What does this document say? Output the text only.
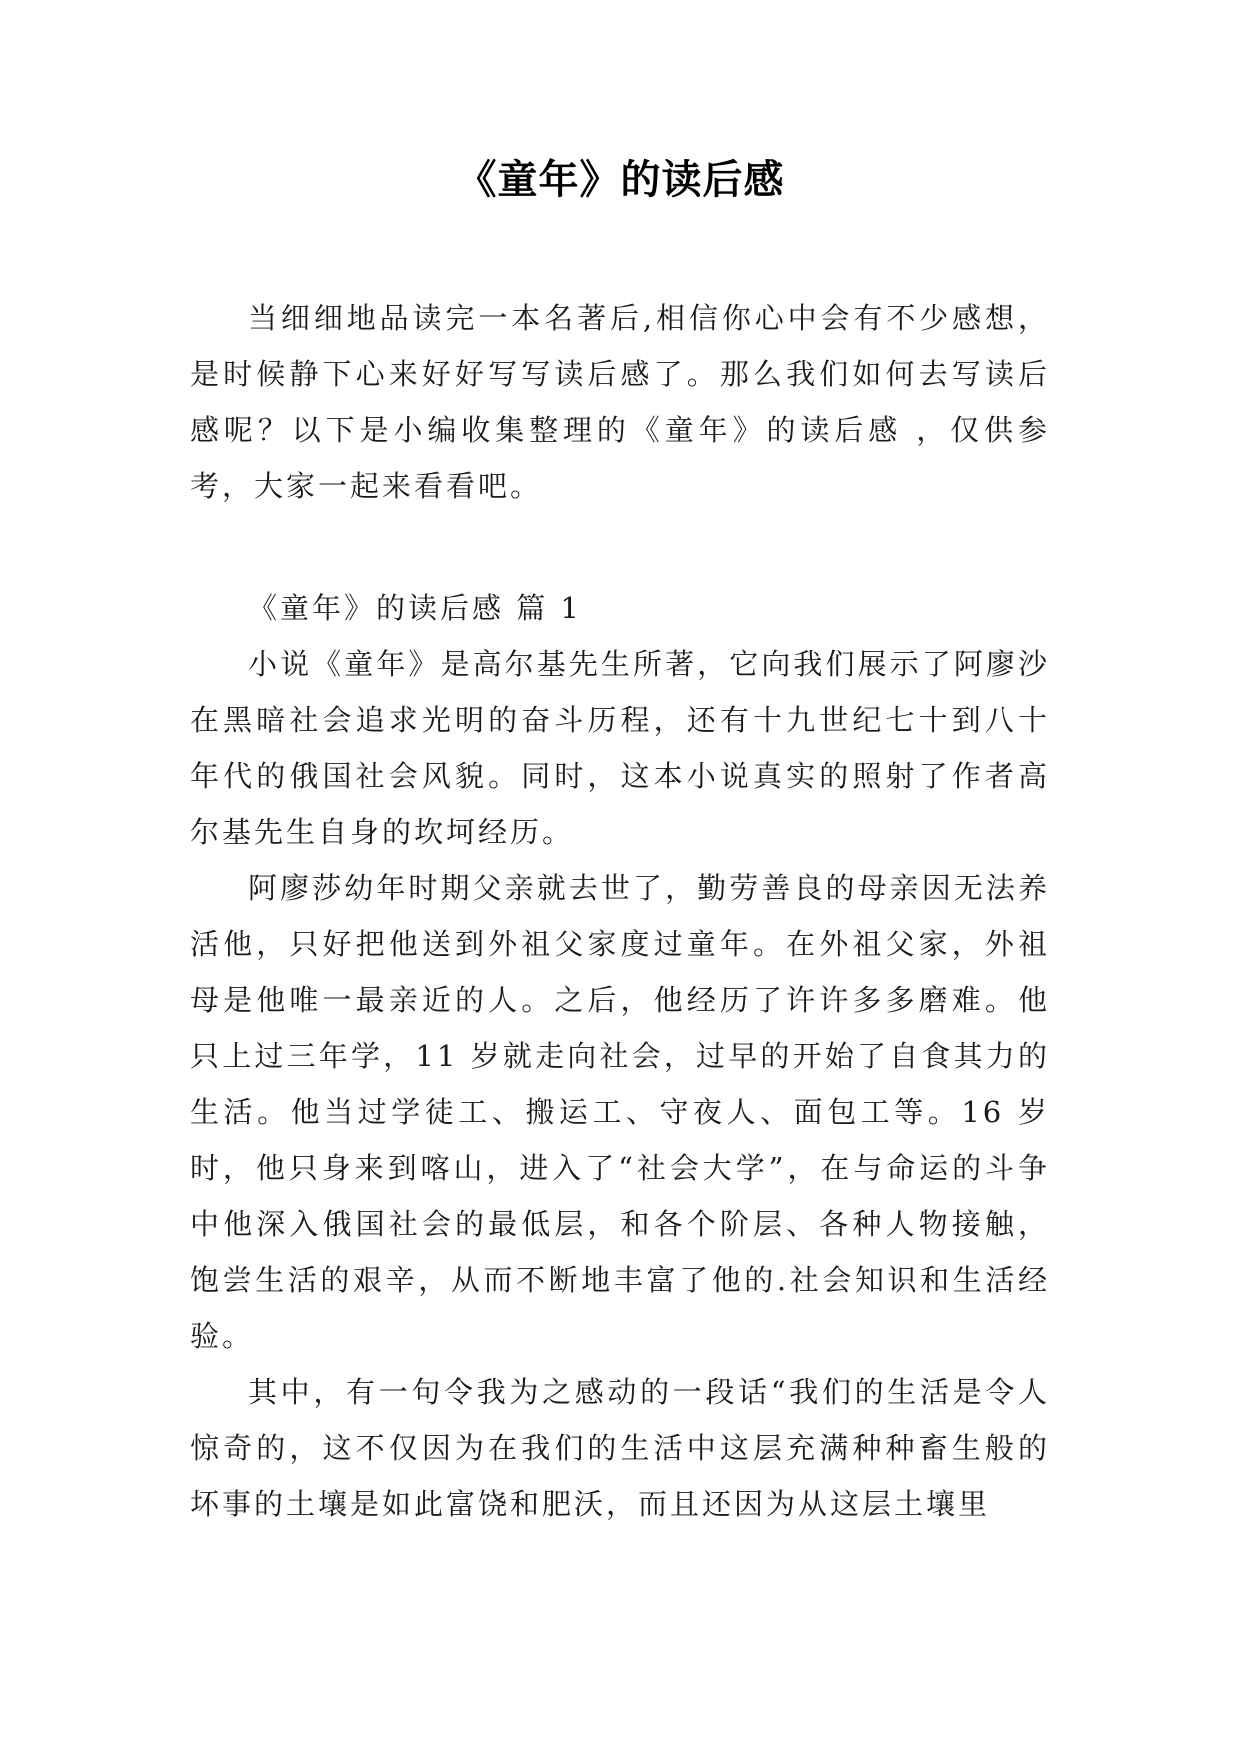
《童年》的读后感

当细细地品读完一本名著后,相信你心中会有不少感想，是时候静下心来好好写写读后感了。那么我们如何去写读后感呢？以下是小编收集整理的《童年》的读后感 ，仅供参考，大家一起来看看吧。

《童年》的读后感 篇 1

小说《童年》是高尔基先生所著，它向我们展示了阿廖沙在黑暗社会追求光明的奋斗历程，还有十九世纪七十到八十年代的俄国社会风貌。同时，这本小说真实的照射了作者高尔基先生自身的坎坷经历。

阿廖莎幼年时期父亲就去世了，勤劳善良的母亲因无法养活他，只好把他送到外祖父家度过童年。在外祖父家，外祖母是他唯一最亲近的人。之后，他经历了许许多多磨难。他只上过三年学，11 岁就走向社会，过早的开始了自食其力的生活。他当过学徒工、搬运工、守夜人、面包工等。16 岁时，他只身来到喀山，进入了“社会大学”，在与命运的斗争中他深入俄国社会的最低层，和各个阶层、各种人物接触，饱尝生活的艰辛，从而不断地丰富了他的.社会知识和生活经验。

其中，有一句令我为之感动的一段话“我们的生活是令人惊奇的，这不仅因为在我们的生活中这层充满种种畜生般的坏事的土壤是如此富饶和肥沃，而且还因为从这层土壤里
